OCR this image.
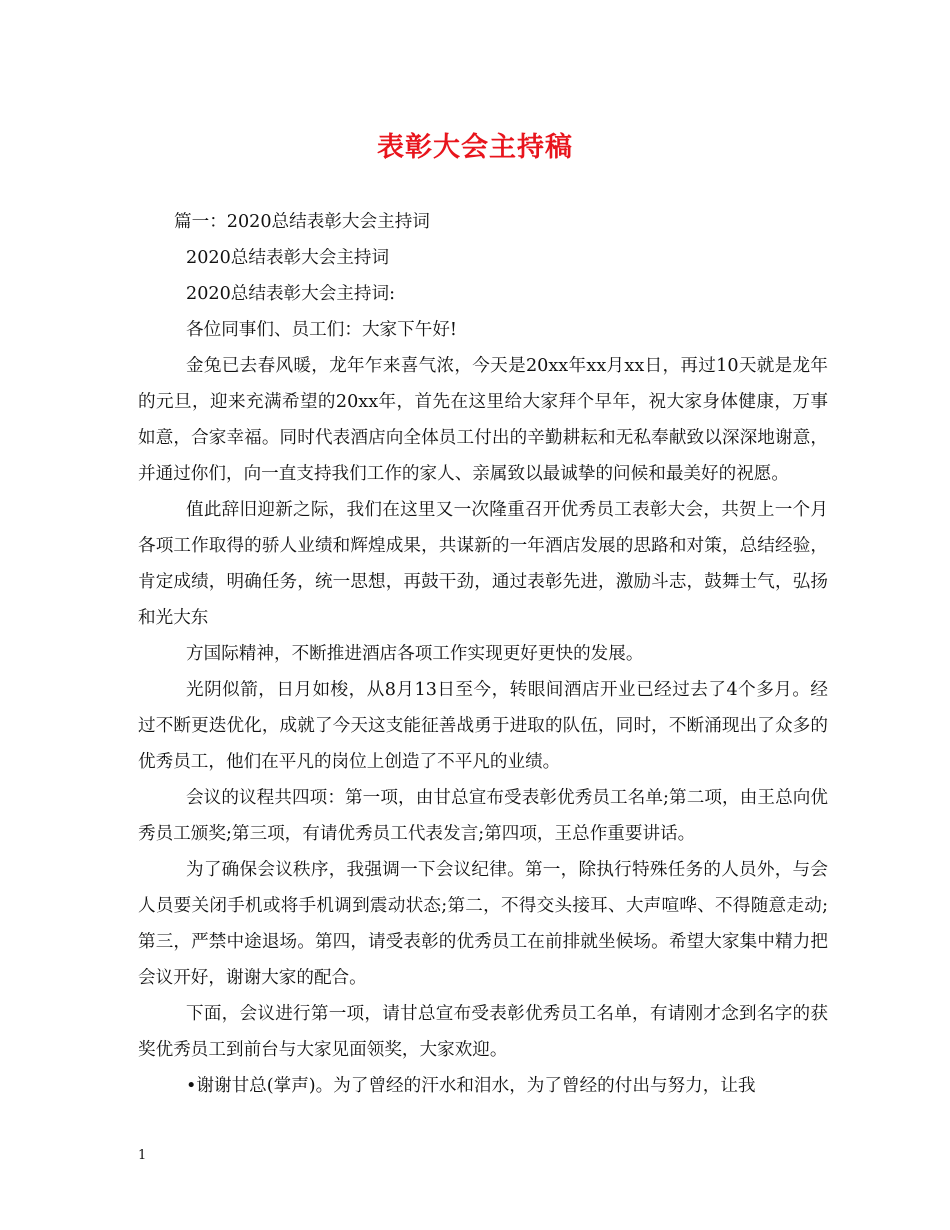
表彰大会主持稿

篇一：2020总结表彰大会主持词

2020总结表彰大会主持词

2020总结表彰大会主持词:

各位同事们、员工们：大家下午好!

金兔已去春风暖，龙年乍来喜气浓，今天是20xx年xx月xx日，再过10天就是龙年的元旦，迎来充满希望的20xx年，首先在这里给大家拜个早年，祝大家身体健康，万事如意，合家幸福。同时代表酒店向全体员工付出的辛勤耕耘和无私奉献致以深深地谢意，并通过你们，向一直支持我们工作的家人、亲属致以最诚挚的问候和最美好的祝愿。

值此辞旧迎新之际，我们在这里又一次隆重召开优秀员工表彰大会，共贺上一个月各项工作取得的骄人业绩和辉煌成果，共谋新的一年酒店发展的思路和对策，总结经验，肯定成绩，明确任务，统一思想，再鼓干劲，通过表彰先进，激励斗志，鼓舞士气，弘扬和光大东

方国际精神，不断推进酒店各项工作实现更好更快的发展。

光阴似箭，日月如梭，从8月13日至今，转眼间酒店开业已经过去了4个多月。经过不断更迭优化，成就了今天这支能征善战勇于进取的队伍，同时，不断涌现出了众多的优秀员工，他们在平凡的岗位上创造了不平凡的业绩。

会议的议程共四项：第一项，由甘总宣布受表彰优秀员工名单;第二项，由王总向优秀员工颁奖;第三项，有请优秀员工代表发言;第四项，王总作重要讲话。

为了确保会议秩序，我强调一下会议纪律。第一，除执行特殊任务的人员外，与会人员要关闭手机或将手机调到震动状态;第二，不得交头接耳、大声喧哗、不得随意走动;第三，严禁中途退场。第四，请受表彰的优秀员工在前排就坐候场。希望大家集中精力把会议开好，谢谢大家的配合。

下面，会议进行第一项，请甘总宣布受表彰优秀员工名单，有请刚才念到名字的获奖优秀员工到前台与大家见面领奖，大家欢迎。

•谢谢甘总(掌声)。为了曾经的汗水和泪水，为了曾经的付出与努力，让我

1
